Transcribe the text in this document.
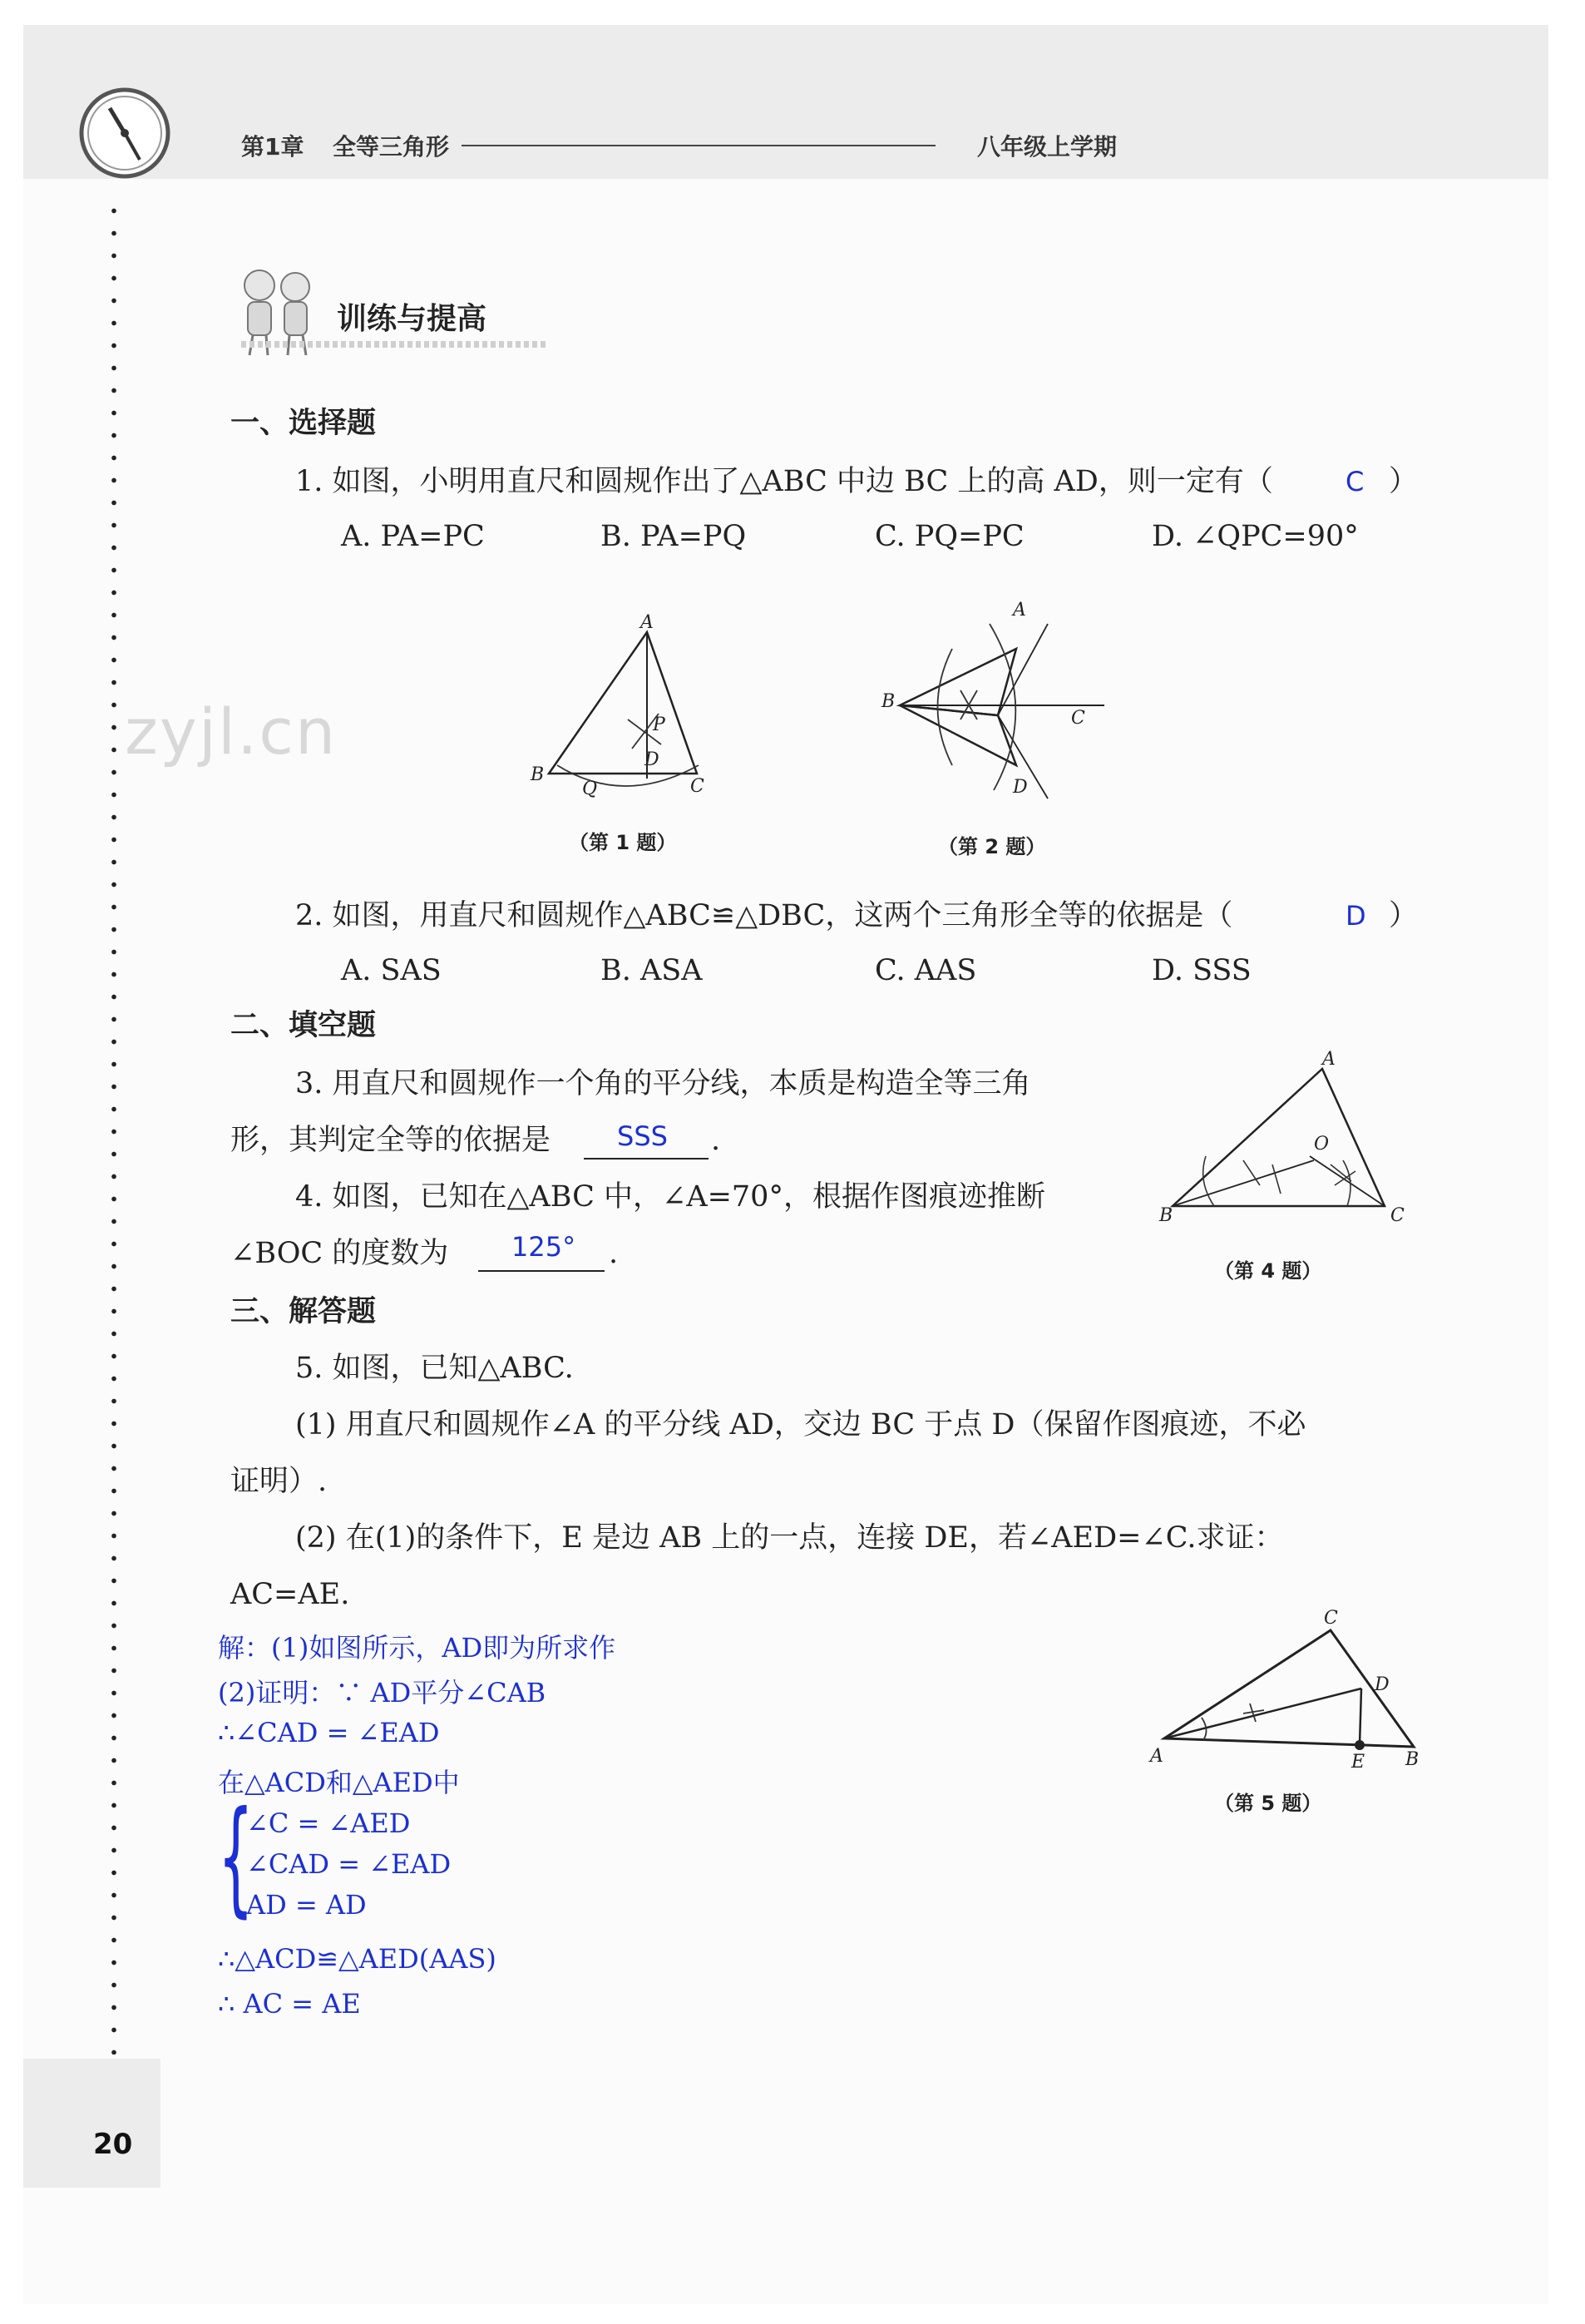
第1章 全等三角形	八年级上学期
训练与提高
zyjl.cn
一、选择题
1. 如图，小明用直尺和圆规作出了△ABC 中边 BC 上的高 AD，则一定有（	C ）
A. PA=PC	B. PA=PQ	C. PQ=PC	D. ∠QPC=90°
A
B
C
D
P
Q
（第 1 题）
A
B
C
D
（第 2 题）
2. 如图，用直尺和圆规作△ABC≌△DBC，这两个三角形全等的依据是（	D ）
A. SAS	B. ASA	C. AAS	D. SSS
二、填空题
3. 用直尺和圆规作一个角的平分线，本质是构造全等三角
形，其判定全等的依据是 SSS .
4. 如图，已知在△ABC 中，∠A=70°，根据作图痕迹推断
∠BOC 的度数为 125° .
A
B	C
O
（第 4 题）
三、解答题
5. 如图，已知△ABC.
(1) 用直尺和圆规作∠A 的平分线 AD，交边 BC 于点 D（保留作图痕迹，不必
证明）.
(2) 在(1)的条件下，E 是边 AB 上的一点，连接 DE，若∠AED=∠C.求证：
AC=AE.
C
D
A	E B
（第 5 题）
解：(1)如图所示，AD即为所求作
(2)证明：∵ AD平分∠CAB
∴∠CAD = ∠EAD
在△ACD和△AED中
{
∠C = ∠AED
∠CAD = ∠EAD
AD = AD
∴△ACD≌△AED(AAS)
∴ AC = AE
20
